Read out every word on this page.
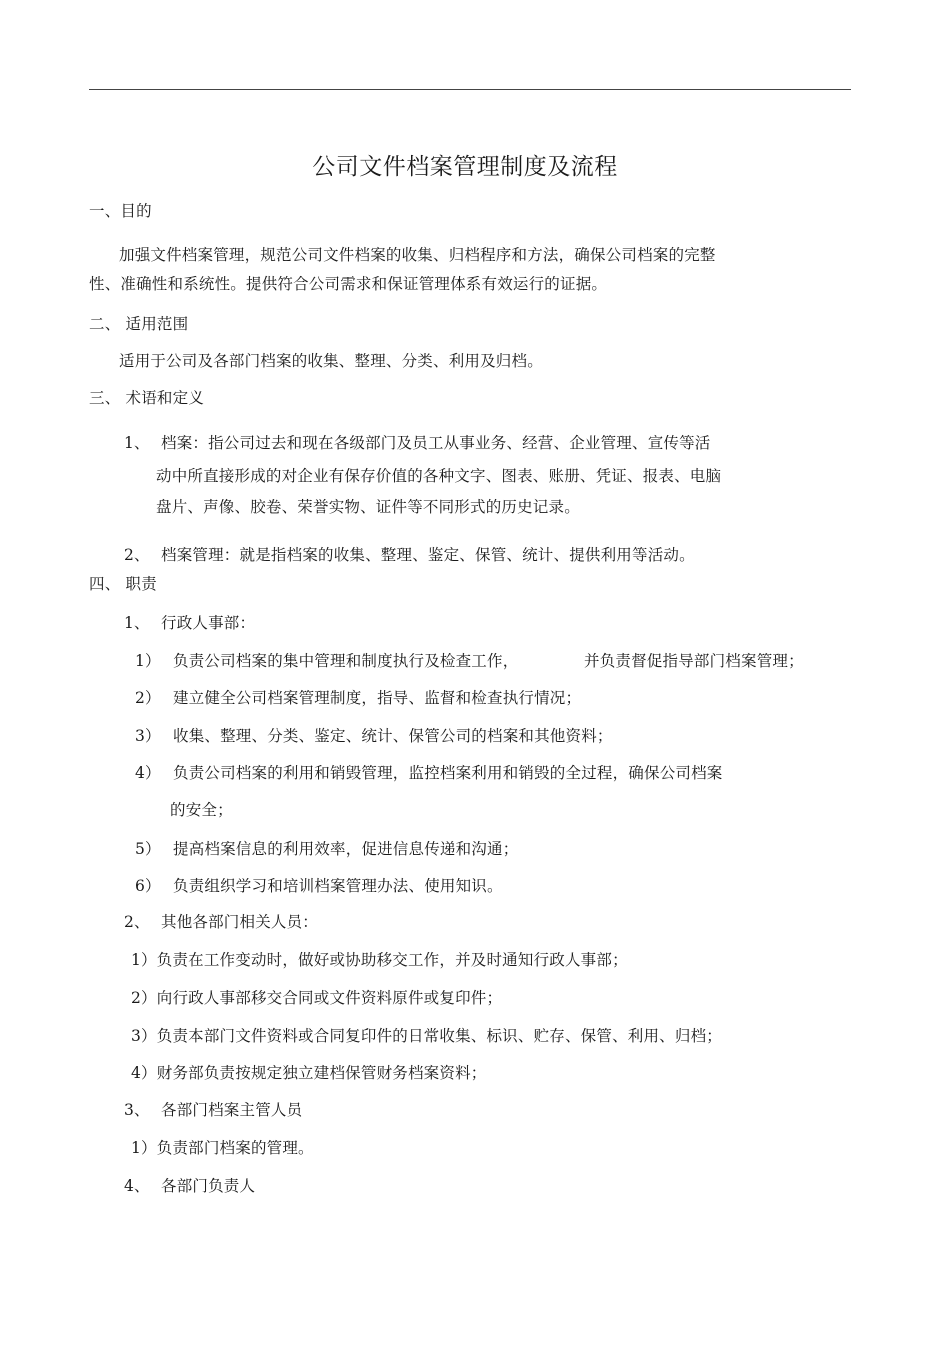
公司文件档案管理制度及流程
一、目的
加强文件档案管理，规范公司文件档案的收集、归档程序和方法，确保公司档案的完整
性、准确性和系统性。提供符合公司需求和保证管理体系有效运行的证据。
二、 适用范围
适用于公司及各部门档案的收集、整理、分类、利用及归档。
三、 术语和定义
1、 档案：指公司过去和现在各级部门及员工从事业务、经营、企业管理、宣传等活
动中所直接形成的对企业有保存价值的各种文字、图表、账册、凭证、报表、电脑
盘片、声像、胶卷、荣誉实物、证件等不同形式的历史记录。
2、 档案管理：就是指档案的收集、整理、鉴定、保管、统计、提供利用等活动。
四、 职责
1、 行政人事部：
1） 负责公司档案的集中管理和制度执行及检查工作，	并负责督促指导部门档案管理；
2） 建立健全公司档案管理制度，指导、监督和检查执行情况；
3） 收集、整理、分类、鉴定、统计、保管公司的档案和其他资料；
4） 负责公司档案的利用和销毁管理，监控档案利用和销毁的全过程，确保公司档案
的安全；
5） 提高档案信息的利用效率，促进信息传递和沟通；
6） 负责组织学习和培训档案管理办法、使用知识。
2、 其他各部门相关人员：
1）负责在工作变动时，做好或协助移交工作，并及时通知行政人事部；
2）向行政人事部移交合同或文件资料原件或复印件；
3）负责本部门文件资料或合同复印件的日常收集、标识、贮存、保管、利用、归档；
4）财务部负责按规定独立建档保管财务档案资料；
3、 各部门档案主管人员
1）负责部门档案的管理。
4、 各部门负责人
